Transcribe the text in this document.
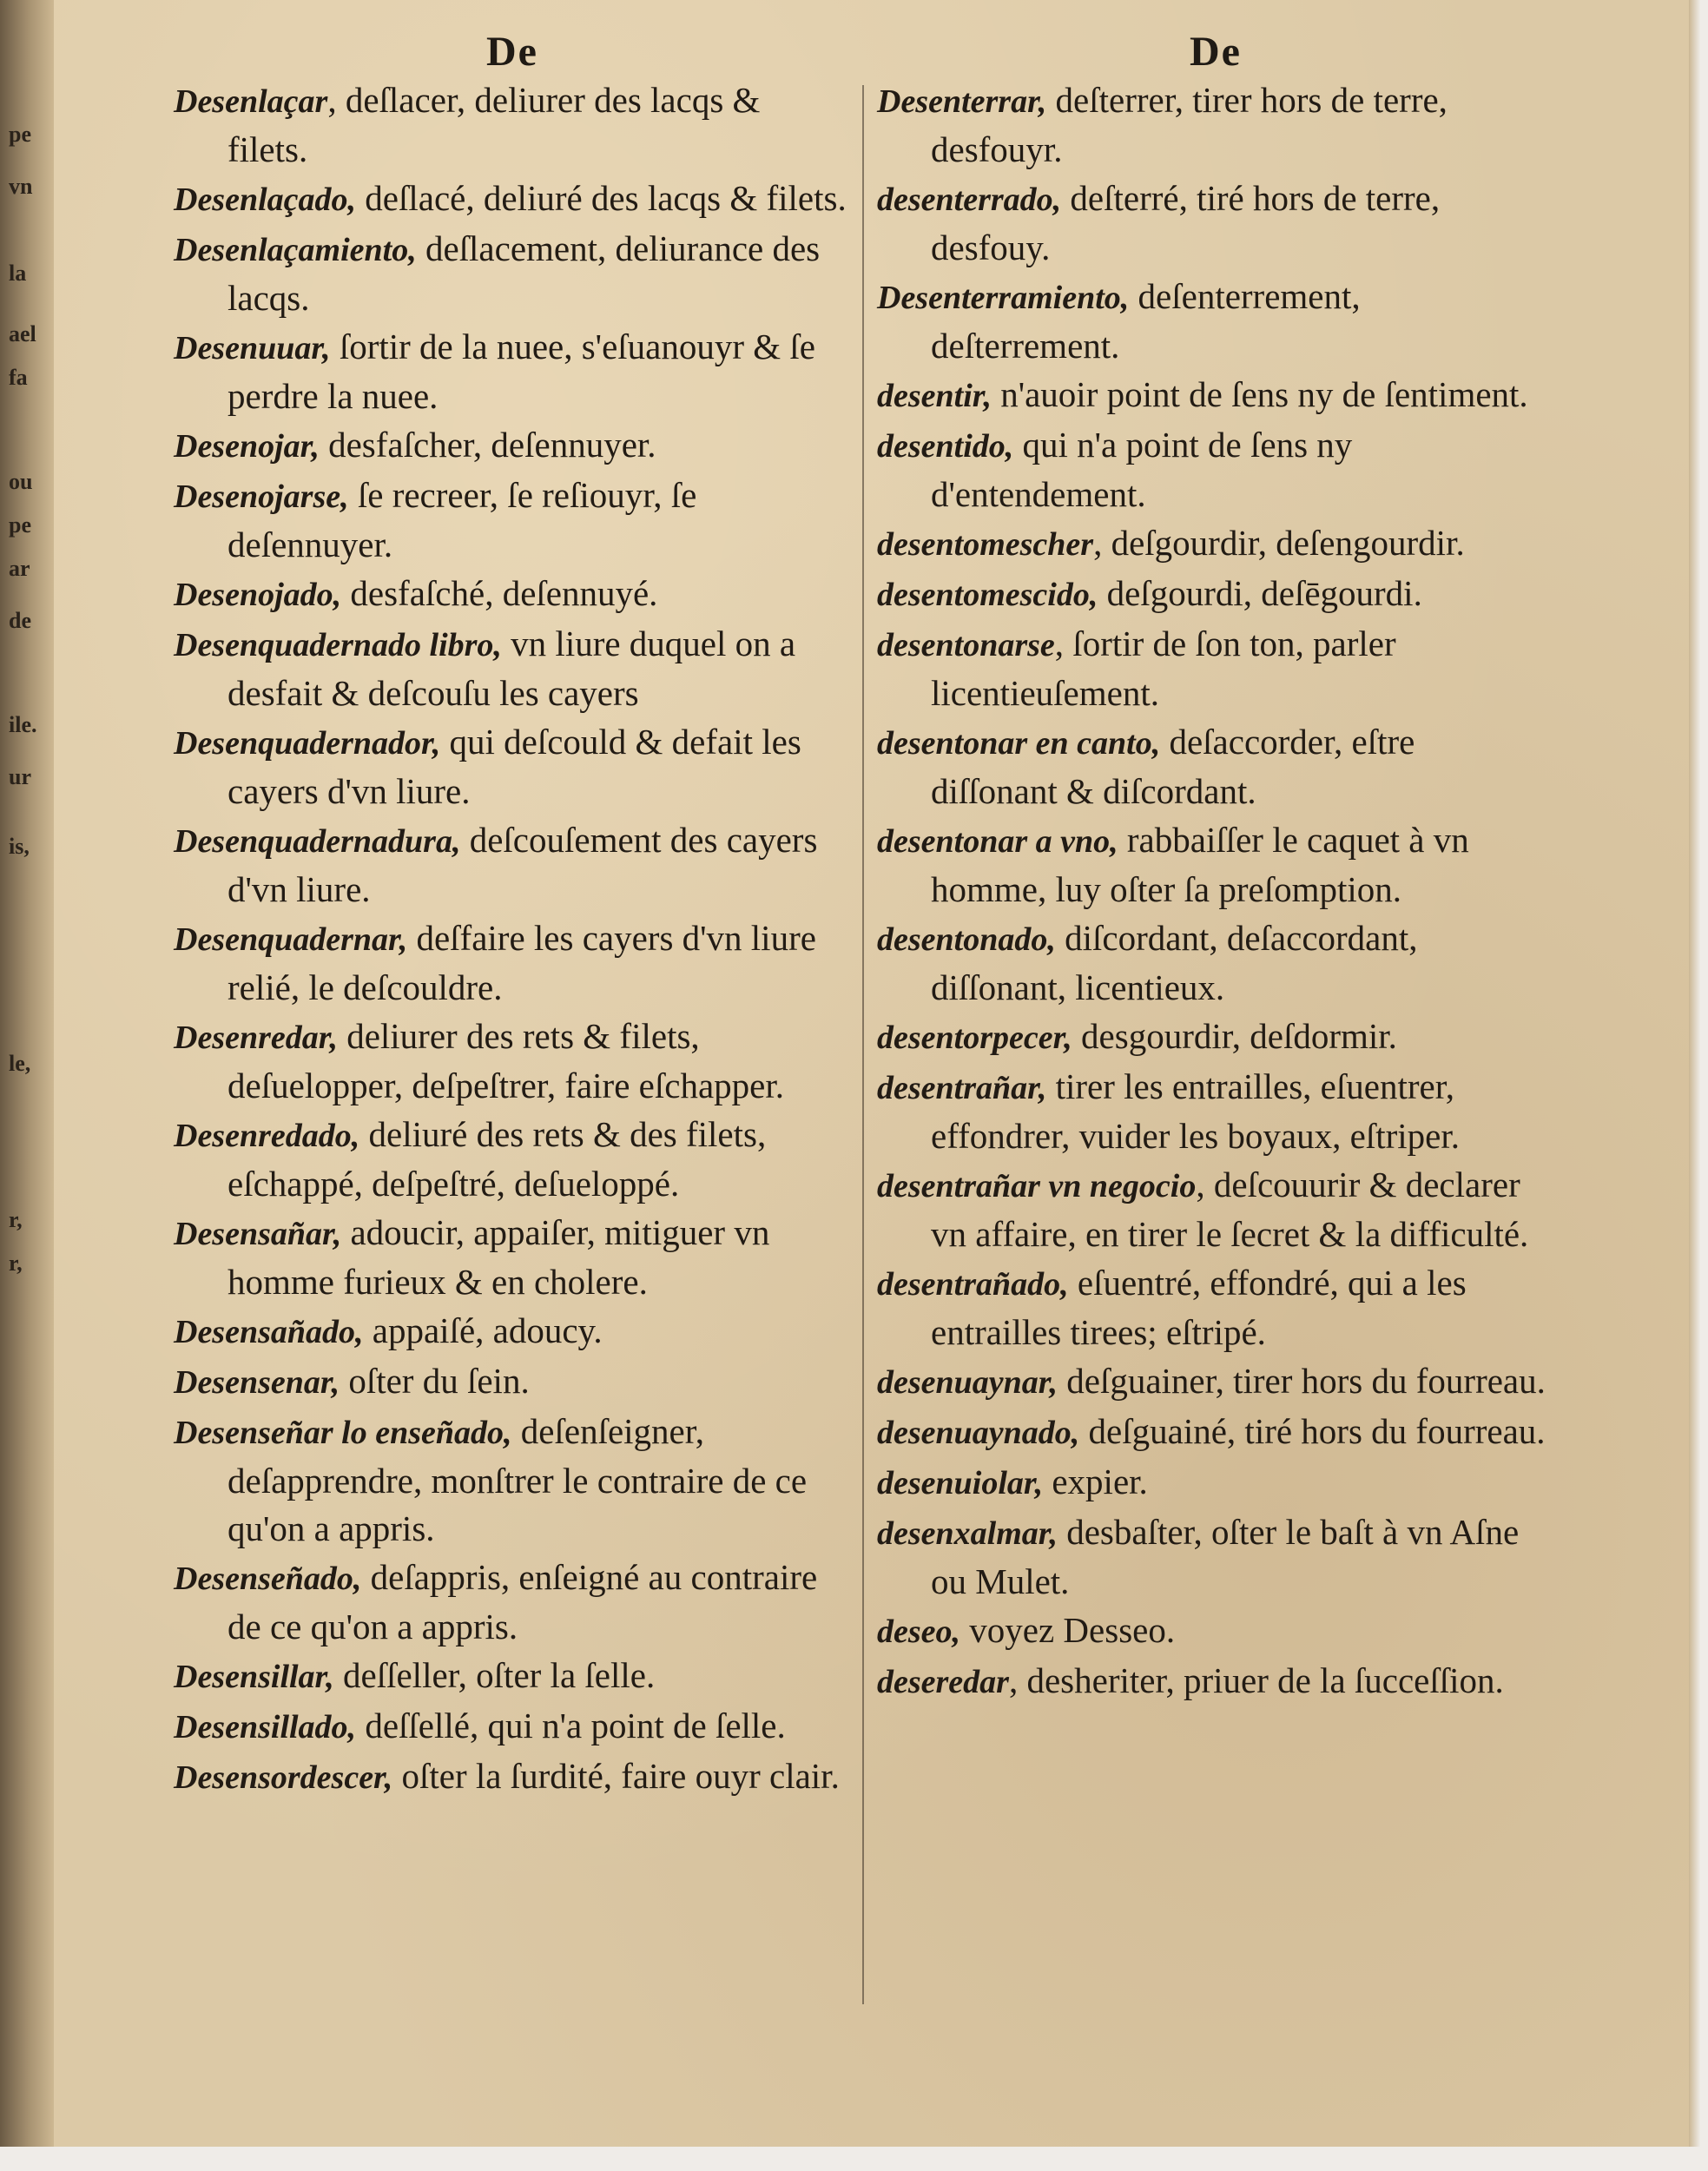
pe
vn
la
ael
fa
ou
pe
ar
de
ile.
ur
is,
le,
r,
r,
De	De

Desenlaçar, deſlacer, deliurer des lacqs & filets.

Desenlaçado, deſlacé, deliuré des lacqs & filets.

Desenlaçamiento, deſlacement, deliurance des lacqs.

Desenuuar, ſortir de la nuee, s'eſuanouyr & ſe perdre la nuee.

Desenojar, desfaſcher, deſennuyer.

Desenojarse, ſe recreer, ſe reſiouyr, ſe deſennuyer.

Desenojado, desfaſché, deſennuyé.

Desenquadernado libro, vn liure duquel on a desfait & deſcouſu les cayers

Desenquadernador, qui deſcould & defait les cayers d'vn liure.

Desenquadernadura, deſcouſement des cayers d'vn liure.

Desenquadernar, deſfaire les cayers d'vn liure relié, le deſcouldre.

Desenredar, deliurer des rets & filets, deſuelopper, deſpeſtrer, faire eſchapper.

Desenredado, deliuré des rets & des filets, eſchappé, deſpeſtré, deſueloppé.

Desensañar, adoucir, appaiſer, mitiguer vn homme furieux & en cholere.

Desensañado, appaiſé, adoucy.

Desensenar, oſter du ſein.

Desenseñar lo enseñado, deſenſeigner, deſapprendre, monſtrer le contraire de ce qu'on a appris.

Desenseñado, deſappris, enſeigné au contraire de ce qu'on a appris.

Desensillar, deſſeller, oſter la ſelle.

Desensillado, deſſellé, qui n'a point de ſelle.

Desensordescer, oſter la ſurdité, faire ouyr clair.

Desenterrar, deſterrer, tirer hors de terre, desfouyr.

desenterrado, deſterré, tiré hors de terre, desfouy.

Desenterramiento, deſenterrement, deſterrement.

desentir, n'auoir point de ſens ny de ſentiment.

desentido, qui n'a point de ſens ny d'entendement.

desentomescher, deſgourdir, deſengourdir.

desentomescido, deſgourdi, deſēgourdi.

desentonarse, ſortir de ſon ton, parler licentieuſement.

desentonar en canto, deſaccorder, eſtre diſſonant & diſcordant.

desentonar a vno, rabbaiſſer le caquet à vn homme, luy oſter ſa preſomption.

desentonado, diſcordant, deſaccordant, diſſonant, licentieux.

desentorpecer, desgourdir, deſdormir.

desentrañar, tirer les entrailles, eſuentrer, effondrer, vuider les boyaux, eſtriper.

desentrañar vn negocio, deſcouurir & declarer vn affaire, en tirer le ſecret & la difficulté.

desentrañado, eſuentré, effondré, qui a les entrailles tirees; eſtripé.

desenuaynar, deſguainer, tirer hors du fourreau.

desenuaynado, deſguainé, tiré hors du fourreau.

desenuiolar, expier.

desenxalmar, desbaſter, oſter le baſt à vn Aſne ou Mulet.

deseo, voyez Desseo.

deseredar, desheriter, priuer de la ſucceſſion.
